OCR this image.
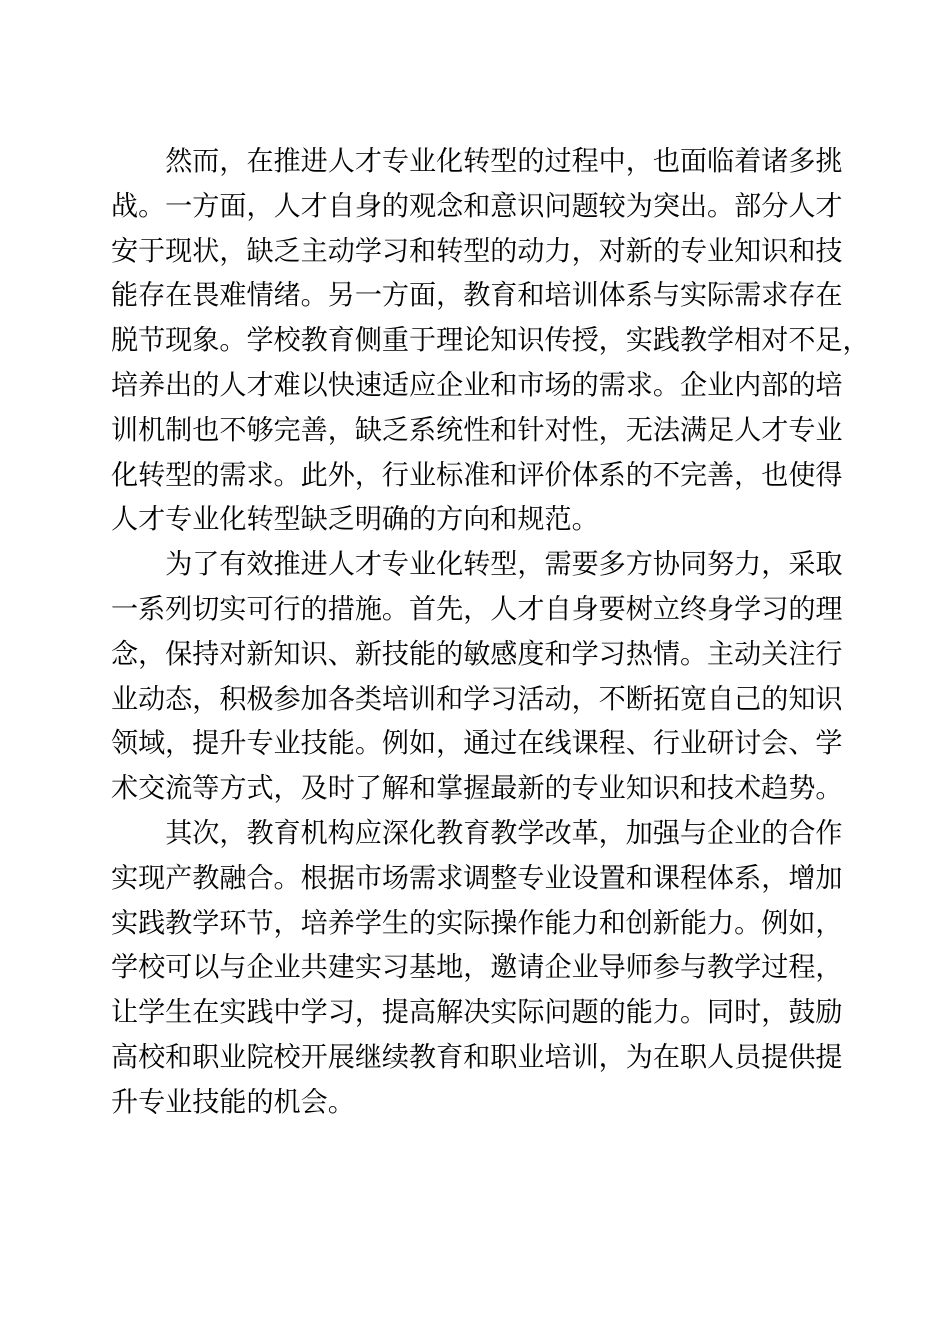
然而，在推进人才专业化转型的过程中，也面临着诸多挑
战。一方面，人才自身的观念和意识问题较为突出。部分人才
安于现状，缺乏主动学习和转型的动力，对新的专业知识和技
能存在畏难情绪。另一方面，教育和培训体系与实际需求存在
脱节现象。学校教育侧重于理论知识传授，实践教学相对不足，
培养出的人才难以快速适应企业和市场的需求。企业内部的培
训机制也不够完善，缺乏系统性和针对性，无法满足人才专业
化转型的需求。此外，行业标准和评价体系的不完善，也使得
人才专业化转型缺乏明确的方向和规范。
为了有效推进人才专业化转型，需要多方协同努力，采取
一系列切实可行的措施。首先，人才自身要树立终身学习的理
念，保持对新知识、新技能的敏感度和学习热情。主动关注行
业动态，积极参加各类培训和学习活动，不断拓宽自己的知识
领域，提升专业技能。例如，通过在线课程、行业研讨会、学
术交流等方式，及时了解和掌握最新的专业知识和技术趋势。
其次，教育机构应深化教育教学改革，加强与企业的合作
实现产教融合。根据市场需求调整专业设置和课程体系，增加
实践教学环节，培养学生的实际操作能力和创新能力。例如，
学校可以与企业共建实习基地，邀请企业导师参与教学过程，
让学生在实践中学习，提高解决实际问题的能力。同时，鼓励
高校和职业院校开展继续教育和职业培训，为在职人员提供提
升专业技能的机会。
